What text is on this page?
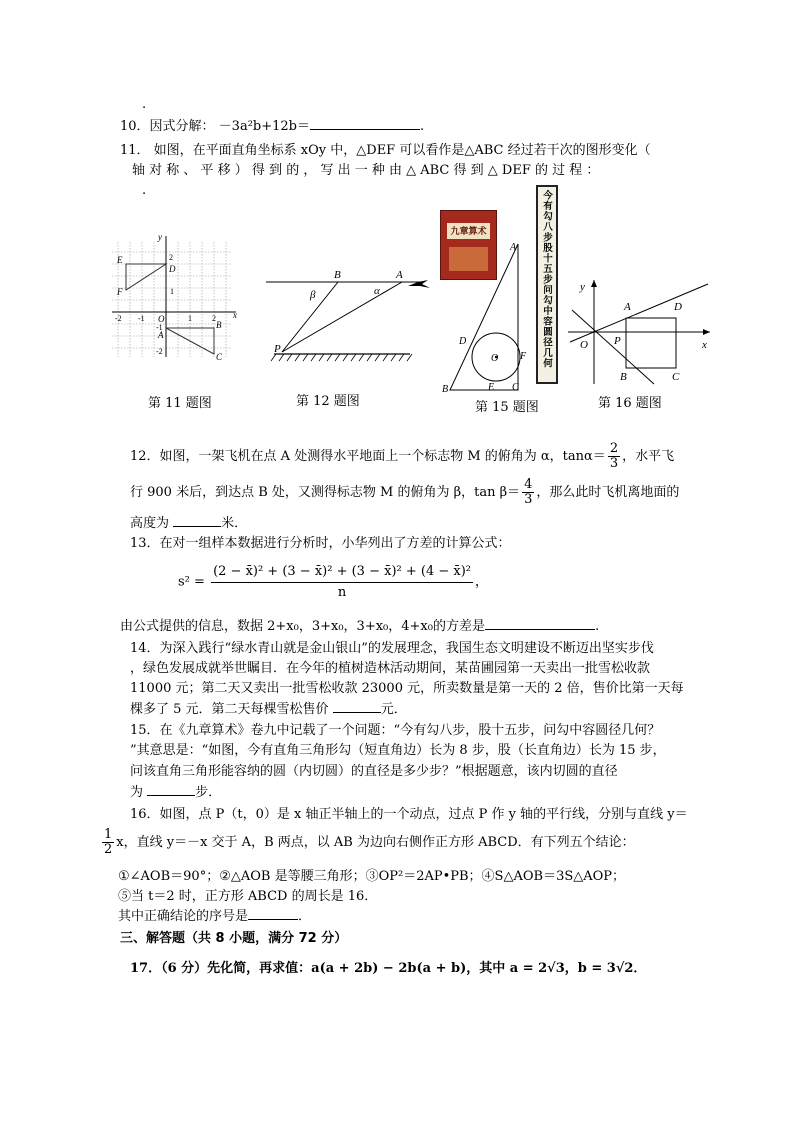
.
10．因式分解： －3a²b+12b＝	.
11． 如图，在平面直角坐标系 xOy 中，△DEF 可以看作是△ABC 经过若干次的图形变化（
轴 对 称 、 平 移 ） 得 到 的 ， 写 出 一 种 由 △ ABC 得 到 △ DEF 的 过 程 ：
.
y
x
E
D
F
A
B
C
O
2
1
-2 -1	1	2
-1
-2
第 11 题图
B	A
β	α
P
第 12 题图
九章算术	今有勾八步股十五步问勾中容圆径几何
A
D
O F
B	E C
第 15 题图
y
x
O
A	D
P
B	C
第 16 题图
12．如图，一架飞机在点 A 处测得水平地面上一个标志物 M 的俯角为 α，$\tan\alpha= \frac{2}{3}$ ，水平飞
行 900 米后，到达点 B 处，又测得标志物 M 的俯角为 β，$\tan \beta= \frac{4}{3}$ ，那么此时飞机离地面的
高度为	米．
13．在对一组样本数据进行分析时，小华列出了方差的计算公式：
$s^2 = \frac{\text{(2 − x̄)² + (3 − x̄)² + (3 − x̄)² + (4 − x̄)²}}{n}$ ，
由公式提供的信息，数据 2+x₀，3+x₀，3+x₀，4+x₀的方差是	.
14．为深入践行“绿水青山就是金山银山”的发展理念，我国生态文明建设不断迈出坚实步伐
，绿色发展成就举世瞩目．在今年的植树造林活动期间，某苗圃园第一天卖出一批雪松收款
11000 元；第二天又卖出一批雪松收款 23000 元，所卖数量是第一天的 2 倍，售价比第一天每
棵多了 5 元．第二天每棵雪松售价	元．
15．在《九章算术》卷九中记载了一个问题：“今有勾八步，股十五步，问勾中容圆径几何？
”其意思是：“如图，今有直角三角形勾（短直角边）长为 8 步，股（长直角边）长为 15 步，
问该直角三角形能容纳的圆（内切圆）的直径是多少步？”根据题意，该内切圆的直径
为	步．
16．如图，点 P（t，0）是 x 轴正半轴上的一个动点，过点 P 作 y 轴的平行线，分别与直线 y＝
$\frac{1}{2}$ x，直线 y＝－x 交于 A，B 两点，以 AB 为边向右侧作正方形 ABCD．有下列五个结论：
①∠AOB＝90°；②△AOB 是等腰三角形；③OP²＝2AP•PB；④S△AOB＝3S△AOP；
⑤当 t＝2 时，正方形 ABCD 的周长是 16．
其中正确结论的序号是	．
三、解答题（共 8 小题，满分 72 分）
17．（6 分）先化简，再求值：a(a + 2b) − 2b(a + b)，其中 a = 2√3，b = 3√2．
